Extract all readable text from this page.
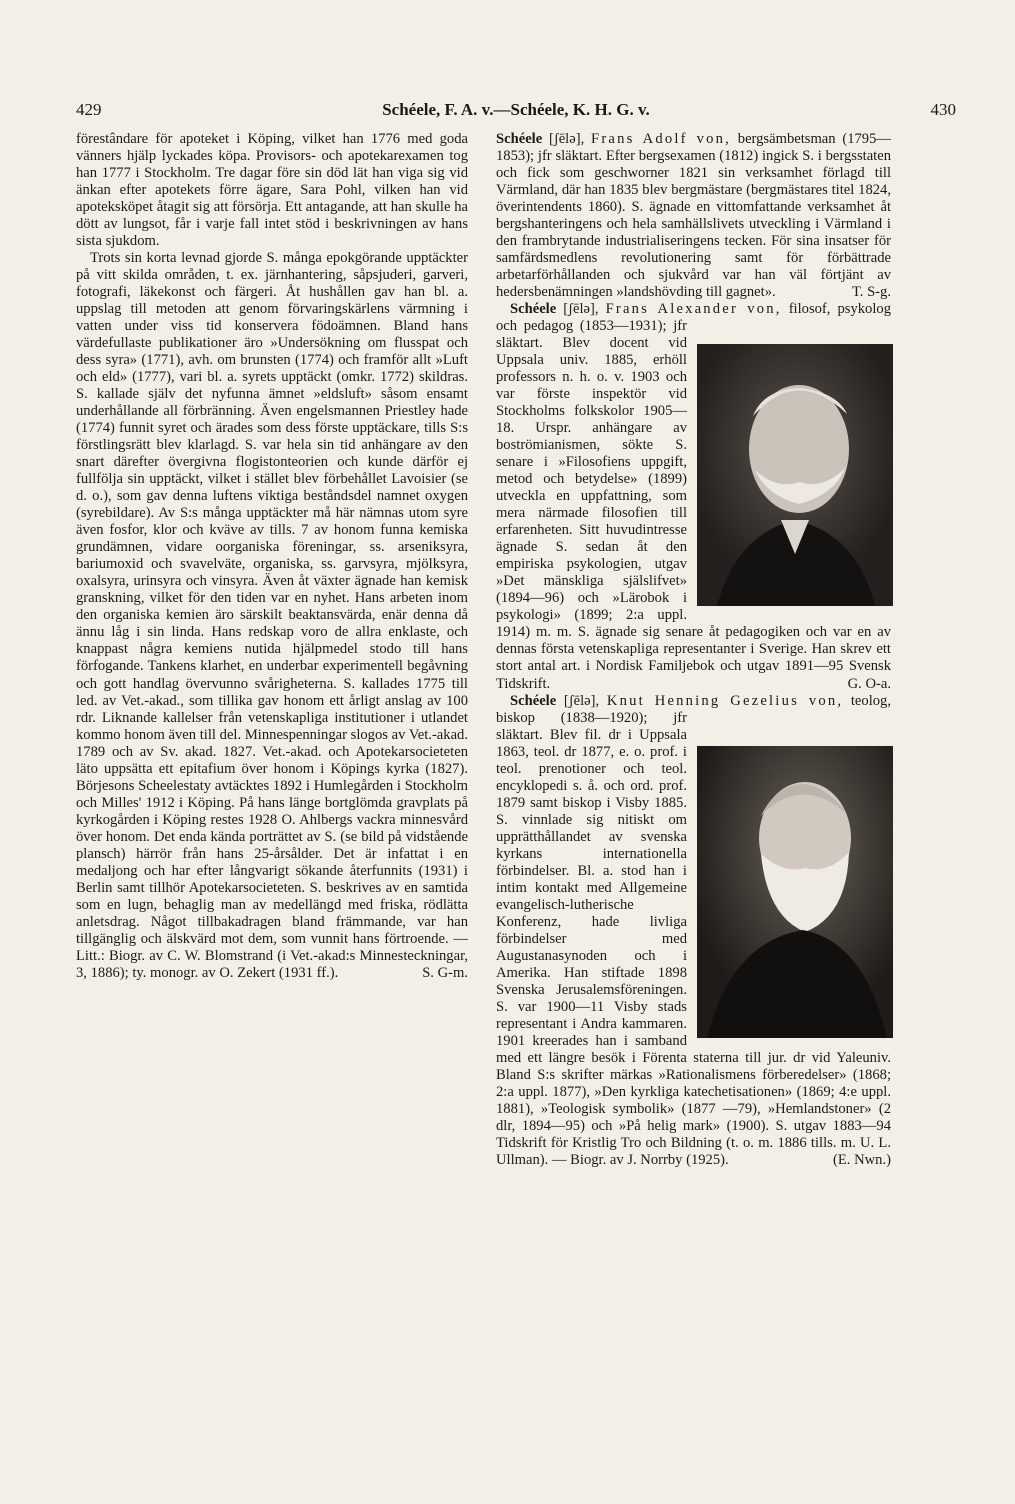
429	Schéele, F. A. v.—Schéele, K. H. G. v.	430

förestândare för apoteket i Köping, vilket han 1776 med goda vänners hjälp lyckades köpa. Provisors- och apotekarexamen tog han 1777 i Stockholm. Tre dagar före sin död lät han viga sig vid änkan efter apotekets förre ägare, Sara Pohl, vilken han vid apoteksköpet åtagit sig att försörja. Ett antagande, att han skulle ha dött av lungsot, får i varje fall intet stöd i beskrivningen av hans sista sjukdom.

Trots sin korta levnad gjorde S. många epokgörande upptäckter på vitt skilda områden, t. ex. järnhantering, såpsjuderi, garveri, fotografi, läkekonst och färgeri. Åt hushållen gav han bl. a. uppslag till metoden att genom förvaringskärlens värmning i vatten under viss tid konservera födoämnen. Bland hans värdefullaste publikationer äro »Undersökning om flusspat och dess syra» (1771), avh. om brunsten (1774) och framför allt »Luft och eld» (1777), vari bl. a. syrets upptäckt (omkr. 1772) skildras. S. kallade själv det nyfunna ämnet »eldsluft» såsom ensamt underhållande all förbränning. Även engelsmannen Priestley hade (1774) funnit syret och ärades som dess förste upptäckare, tills S:s förstlingsrätt blev klarlagd. S. var hela sin tid anhängare av den snart därefter övergivna flogistonteorien och kunde därför ej fullfölja sin upptäckt, vilket i stället blev förbehållet Lavoisier (se d. o.), som gav denna luftens viktiga beståndsdel namnet oxygen (syrebildare). Av S:s många upptäckter må här nämnas utom syre även fosfor, klor och kväve av tills. 7 av honom funna kemiska grundämnen, vidare oorganiska föreningar, ss. arseniksyra, bariumoxid och svavelväte, organiska, ss. garvsyra, mjölksyra, oxalsyra, urinsyra och vinsyra. Även åt växter ägnade han kemisk granskning, vilket för den tiden var en nyhet. Hans arbeten inom den organiska kemien äro särskilt beaktansvärda, enär denna då ännu låg i sin linda. Hans redskap voro de allra enklaste, och knappast några kemiens nutida hjälpmedel stodo till hans förfogande. Tankens klarhet, en underbar experimentell begåvning och gott handlag övervunno svårigheterna. S. kallades 1775 till led. av Vet.-akad., som tillika gav honom ett årligt anslag av 100 rdr. Liknande kallelser från vetenskapliga institutioner i utlandet kommo honom även till del. Minnespenningar slogos av Vet.-akad. 1789 och av Sv. akad. 1827. Vet.-akad. och Apotekarsocieteten läto uppsätta ett epitafium över honom i Köpings kyrka (1827). Börjesons Scheelestaty avtäcktes 1892 i Humlegården i Stockholm och Milles' 1912 i Köping. På hans länge bortglömda gravplats på kyrkogården i Köping restes 1928 O. Ahlbergs vackra minnesvård över honom. Det enda kända porträttet av S. (se bild på vidstående plansch) härrör från hans 25-årsålder. Det är infattat i en medaljong och har efter långvarigt sökande återfunnits (1931) i Berlin samt tillhör Apotekarsocieteten. S. beskrives av en samtida som en lugn, behaglig man av medellängd med friska, rödlätta anletsdrag. Något tillbakadragen bland främmande, var han tillgänglig och älskvärd mot dem, som vunnit hans förtroende. — Litt.: Biogr. av C. W. Blomstrand (i Vet.-akad:s Minnesteckningar, 3, 1886); ty. monogr. av O. Zekert (1931 ff.).	S. G-m.

Schéele [ʃēlə], Frans Adolf von, bergsämbetsman (1795—1853); jfr släktart. Efter bergsexamen (1812) ingick S. i bergsstaten och fick som geschworner 1821 sin verksamhet förlagd till Värmland, där han 1835 blev bergmästare (bergmästares titel 1824, överintendents 1860). S. ägnade en vittomfattande verksamhet åt bergshanteringens och hela samhällslivets utveckling i Värmland i den frambrytande industrialiseringens tecken. För sina insatser för samfärdsmedlens revolutionering samt för förbättrade arbetarförhållanden och sjukvård var han väl förtjänt av hedersbenämningen »landshövding till gagnet».	T. S-g.

Schéele [ʃēlə], Frans Alexander von, filosof, psykolog och pedagog (1853—1931); jfr släktart. Blev docent vid Uppsala univ. 1885, erhöll professors n. h. o. v. 1903 och var förste inspektör vid Stockholms folkskolor 1905—18. Urspr. anhängare av boströmianismen, sökte S. senare i »Filosofiens uppgift, metod och betydelse» (1899) utveckla en uppfattning, som mera närmade filosofien till erfarenheten. Sitt huvudintresse ägnade S. sedan åt den empiriska psykologien, utgav »Det mänskliga själslifvet» (1894—96) och »Lärobok i psykologi» (1899; 2:a uppl. 1914) m. m. S. ägnade sig senare åt pedagogiken och var en av dennas första vetenskapliga representanter i Sverige. Han skrev ett stort antal art. i Nordisk Familjebok och utgav 1891—95 Svensk Tidskrift.	G. O-a.

Schéele [ʃēlə], Knut Henning Gezelius von, teolog, biskop (1838—1920); jfr släktart. Blev fil. dr i Uppsala 1863, teol. dr 1877, e. o. prof. i teol. prenotioner och teol. encyklopedi s. å. och ord. prof. 1879 samt biskop i Visby 1885. S. vinnlade sig nitiskt om upprätthållandet av svenska kyrkans internationella förbindelser. Bl. a. stod han i intim kontakt med Allgemeine evangelisch-lutherische Konferenz, hade livliga förbindelser med Augustanasynoden och i Amerika. Han stiftade 1898 Svenska Jerusalemsföreningen. S. var 1900—11 Visby stads representant i Andra kammaren. 1901 kreerades han i samband med ett längre besök i Förenta staterna till jur. dr vid Yaleuniv. Bland S:s skrifter märkas »Rationalismens förberedelser» (1868; 2:a uppl. 1877), »Den kyrkliga katechetisationen» (1869; 4:e uppl. 1881), »Teologisk symbolik» (1877 —79), »Hemlandstoner» (2 dlr, 1894—95) och »På helig mark» (1900). S. utgav 1883—94 Tidskrift för Kristlig Tro och Bildning (t. o. m. 1886 tills. m. U. L. Ullman). — Biogr. av J. Norrby (1925).	(E. Nwn.)
